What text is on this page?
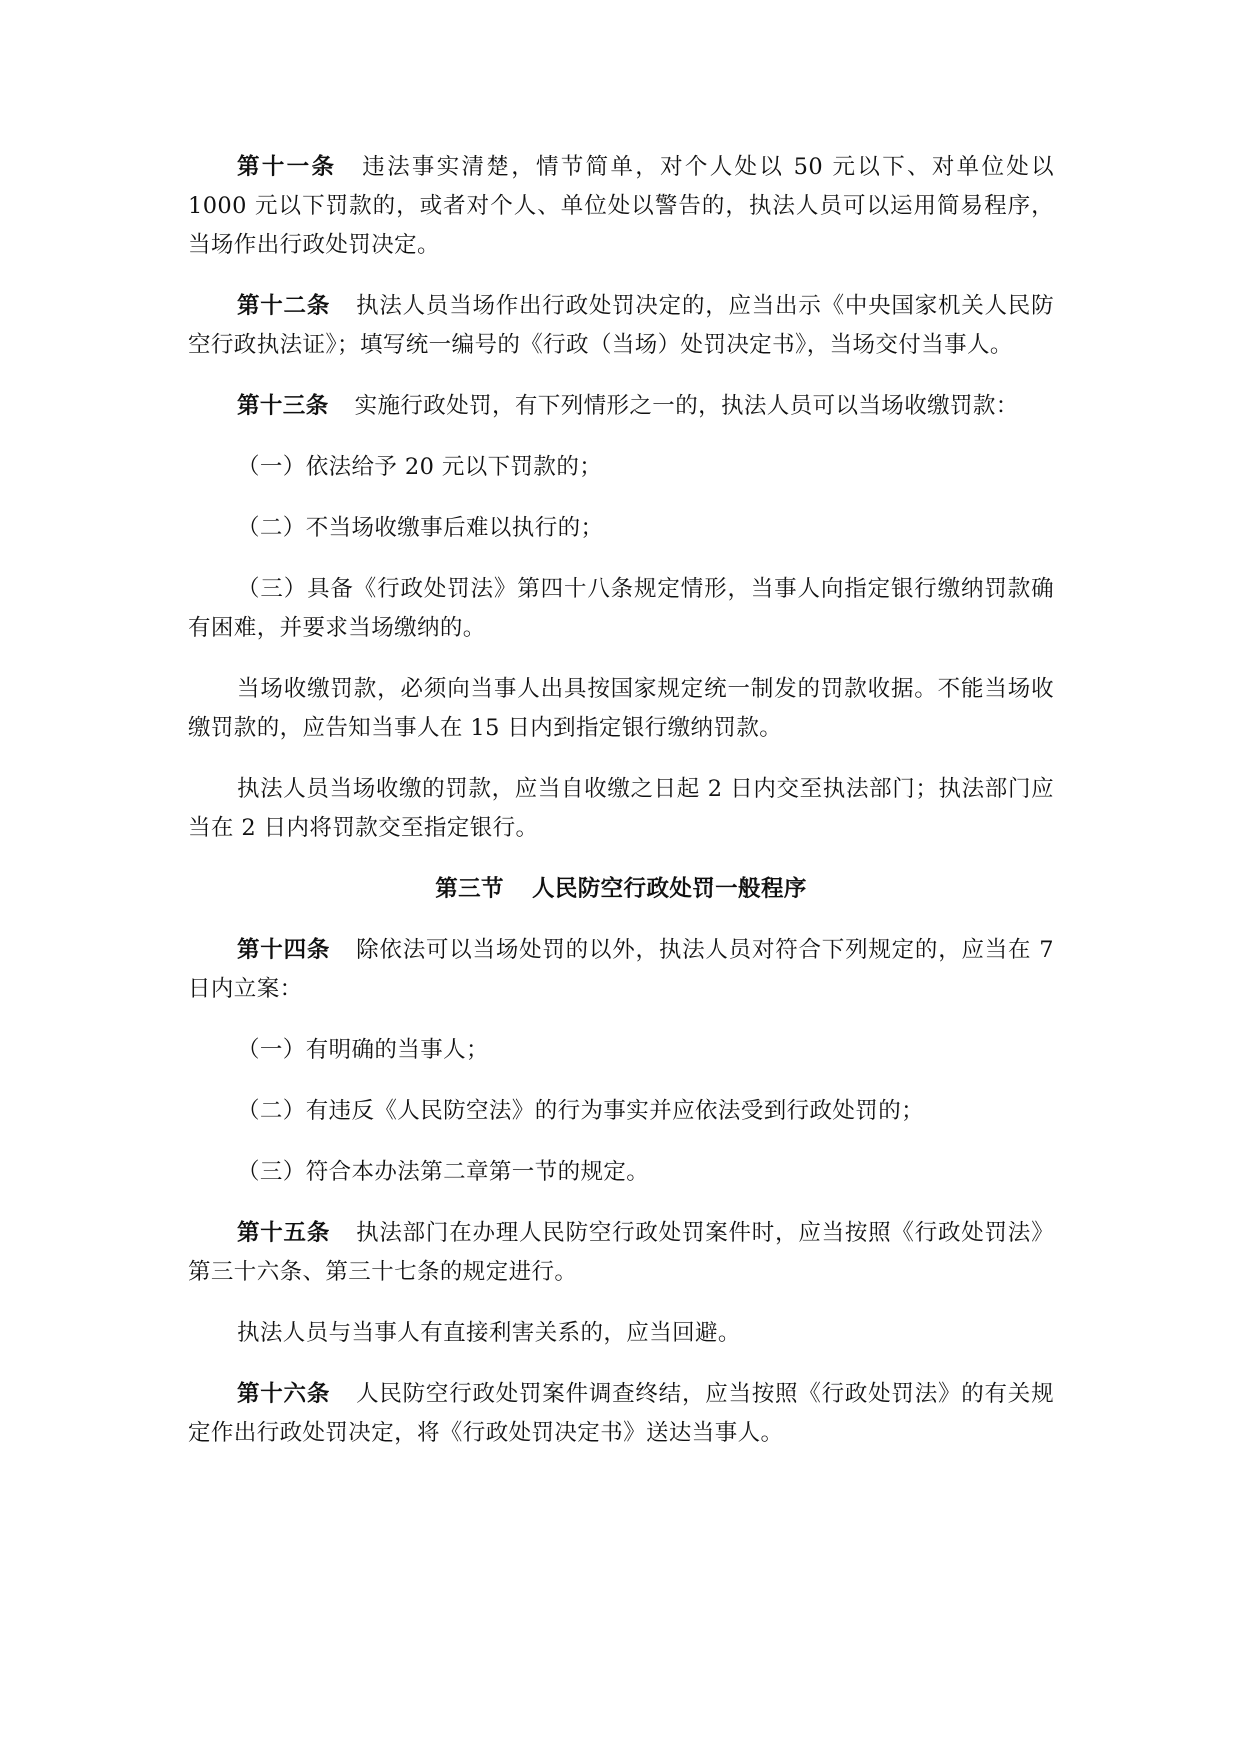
第十一条 违法事实清楚，情节简单，对个人处以 50 元以下、对单位处以 1000 元以下罚款的，或者对个人、单位处以警告的，执法人员可以运用简易程序，当场作出行政处罚决定。

第十二条 执法人员当场作出行政处罚决定的，应当出示《中央国家机关人民防空行政执法证》；填写统一编号的《行政（当场）处罚决定书》，当场交付当事人。

第十三条 实施行政处罚，有下列情形之一的，执法人员可以当场收缴罚款：

（一）依法给予 20 元以下罚款的；

（二）不当场收缴事后难以执行的；

（三）具备《行政处罚法》第四十八条规定情形，当事人向指定银行缴纳罚款确有困难，并要求当场缴纳的。

当场收缴罚款，必须向当事人出具按国家规定统一制发的罚款收据。不能当场收缴罚款的，应告知当事人在 15 日内到指定银行缴纳罚款。

执法人员当场收缴的罚款，应当自收缴之日起 2 日内交至执法部门；执法部门应当在 2 日内将罚款交至指定银行。

第三节 人民防空行政处罚一般程序

第十四条 除依法可以当场处罚的以外，执法人员对符合下列规定的，应当在 7 日内立案：

（一）有明确的当事人；

（二）有违反《人民防空法》的行为事实并应依法受到行政处罚的；

（三）符合本办法第二章第一节的规定。

第十五条 执法部门在办理人民防空行政处罚案件时，应当按照《行政处罚法》第三十六条、第三十七条的规定进行。

执法人员与当事人有直接利害关系的，应当回避。

第十六条 人民防空行政处罚案件调查终结，应当按照《行政处罚法》的有关规定作出行政处罚决定，将《行政处罚决定书》送达当事人。
